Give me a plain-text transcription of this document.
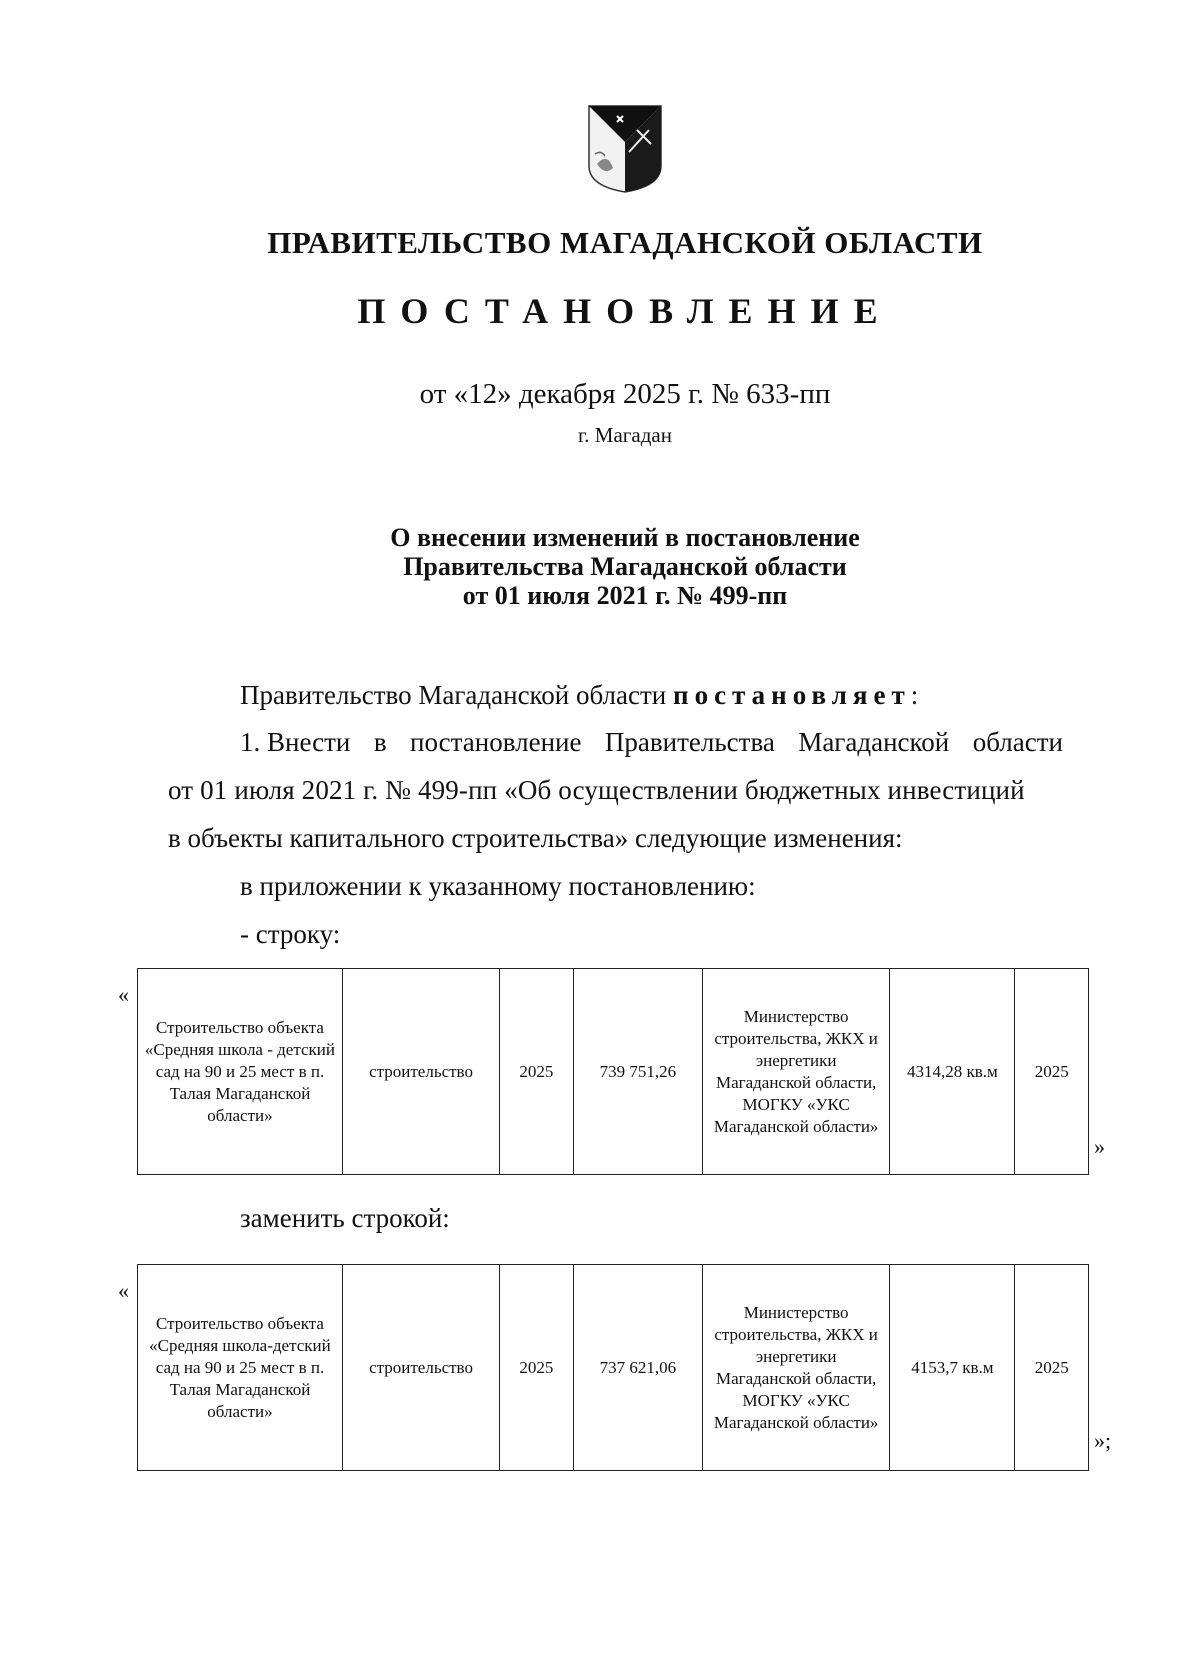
ПРАВИТЕЛЬСТВО МАГАДАНСКОЙ ОБЛАСТИ
ПОСТАНОВЛЕНИЕ
от «12» декабря 2025 г. № 633-пп
г. Магадан
О внесении изменений в постановление
Правительства Магаданской области
от 01 июля 2021 г. № 499-пп
Правительство Магаданской области постановляет:
1. Внести в постановление Правительства Магаданской области
от 01 июля 2021 г. № 499-пп «Об осуществлении бюджетных инвестиций
в объекты капитального строительства» следующие изменения:
в приложении к указанному постановлению:
- строку:
«
Строительство объекта «Средняя школа - детский сад на 90 и 25 мест в п. Талая Магаданской области»	строительство	2025	739 751,26	Министерство строительства, ЖКХ и энергетики Магаданской области, МОГКУ «УКС Магаданской области»	4314,28 кв.м	2025
»
заменить строкой:
«
Строительство объекта «Средняя школа-детский сад на 90 и 25 мест в п. Талая Магаданской области»	строительство	2025	737 621,06	Министерство строительства, ЖКХ и энергетики Магаданской области, МОГКУ «УКС Магаданской области»	4153,7 кв.м	2025
»;
